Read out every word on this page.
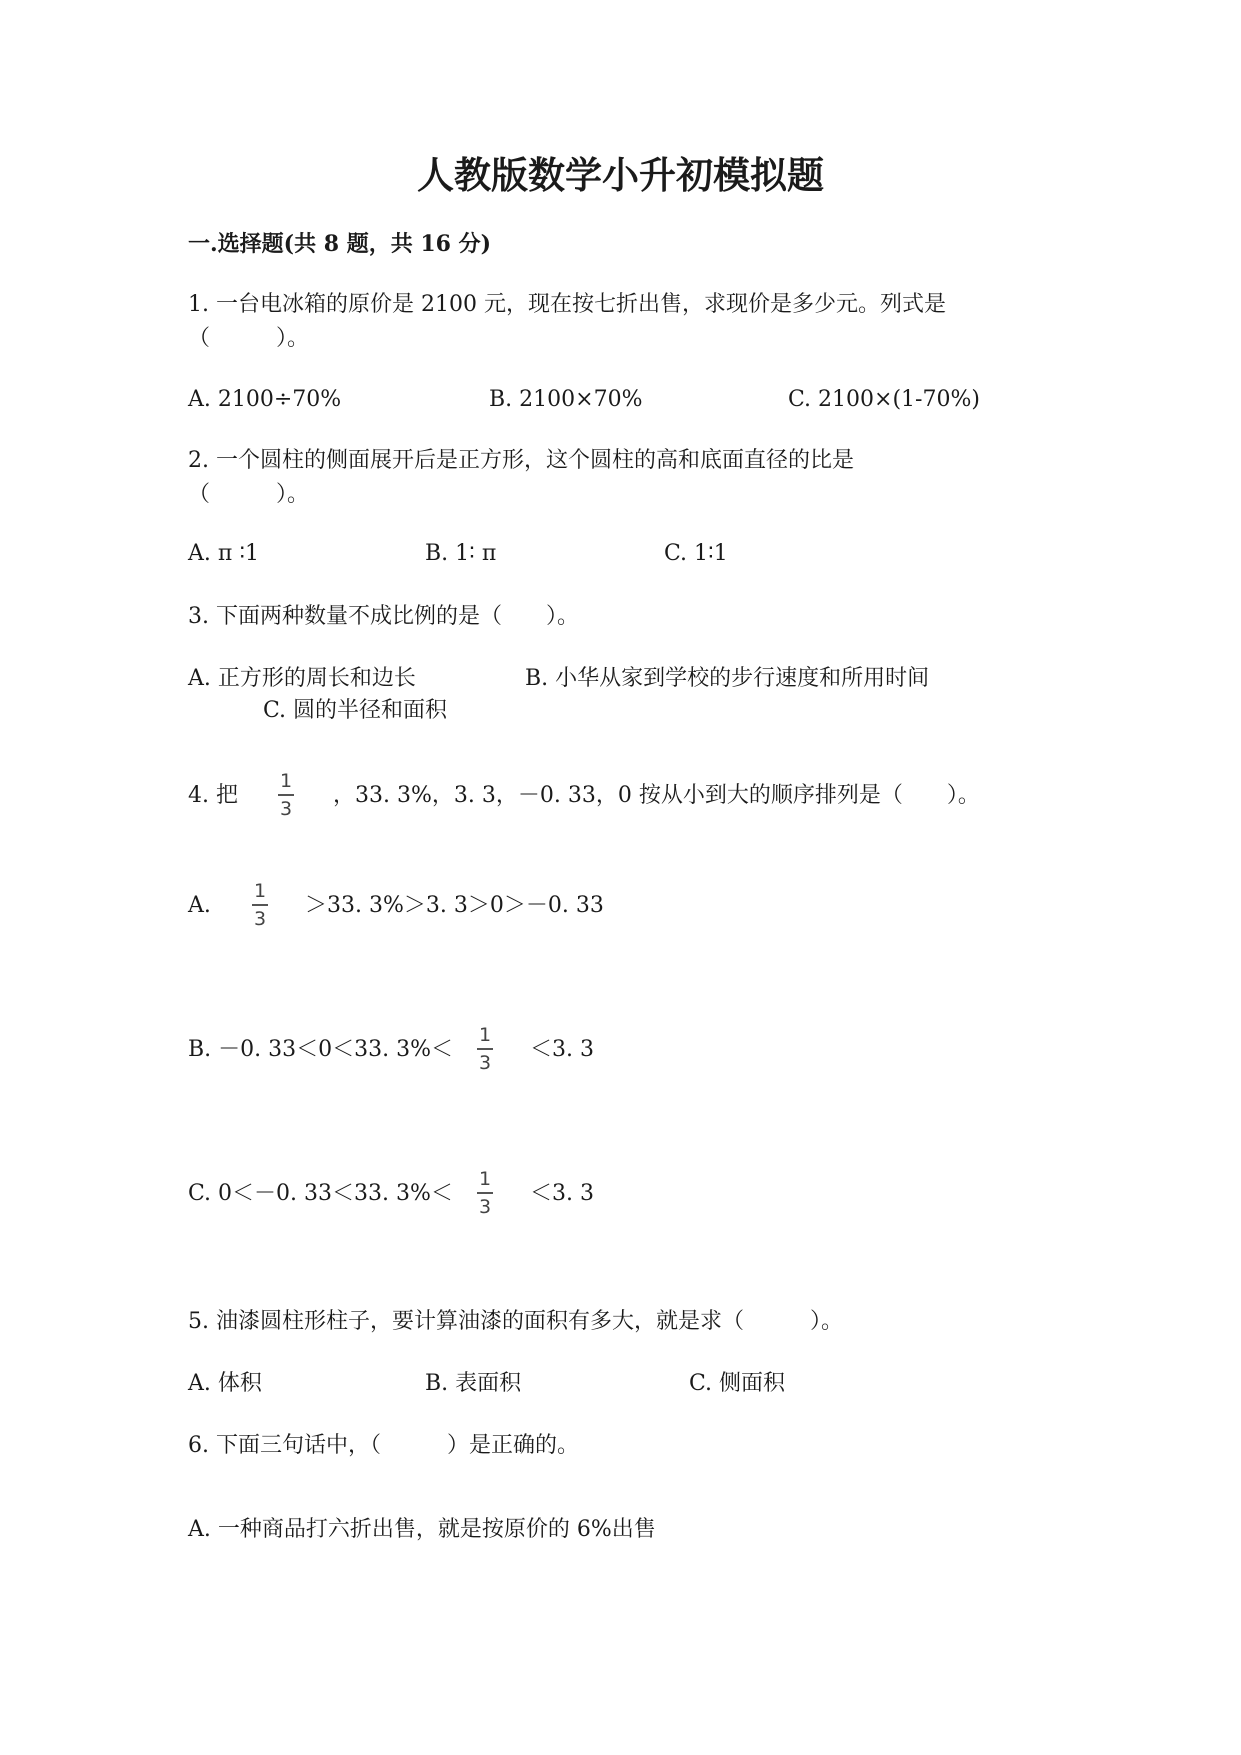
人教版数学小升初模拟题
一.选择题(共 8 题，共 16 分)
1. 一台电冰箱的原价是 2100 元，现在按七折出售，求现价是多少元。列式是
（　　　）。
A. 2100÷70%	B. 2100×70%	C. 2100×(1-70%)
2. 一个圆柱的侧面展开后是正方形，这个圆柱的高和底面直径的比是
（　　　）。
A. π ∶1	B. 1∶ π	C. 1∶1
3. 下面两种数量不成比例的是（　　）。
A. 正方形的周长和边长	B. 小华从家到学校的步行速度和所用时间
C. 圆的半径和面积
4. 把
1
3
，33. 3%，3. 3，－0. 33，0 按从小到大的顺序排列是（　　）。
A.
1
3
＞33. 3%＞3. 3＞0＞－0. 33
B. －0. 33＜0＜33. 3%＜
1
3
＜3. 3
C. 0＜－0. 33＜33. 3%＜
1
3
＜3. 3
5. 油漆圆柱形柱子，要计算油漆的面积有多大，就是求（　　　）。
A. 体积	B. 表面积	C. 侧面积
6. 下面三句话中，（　　　）是正确的。
A. 一种商品打六折出售，就是按原价的 6%出售
